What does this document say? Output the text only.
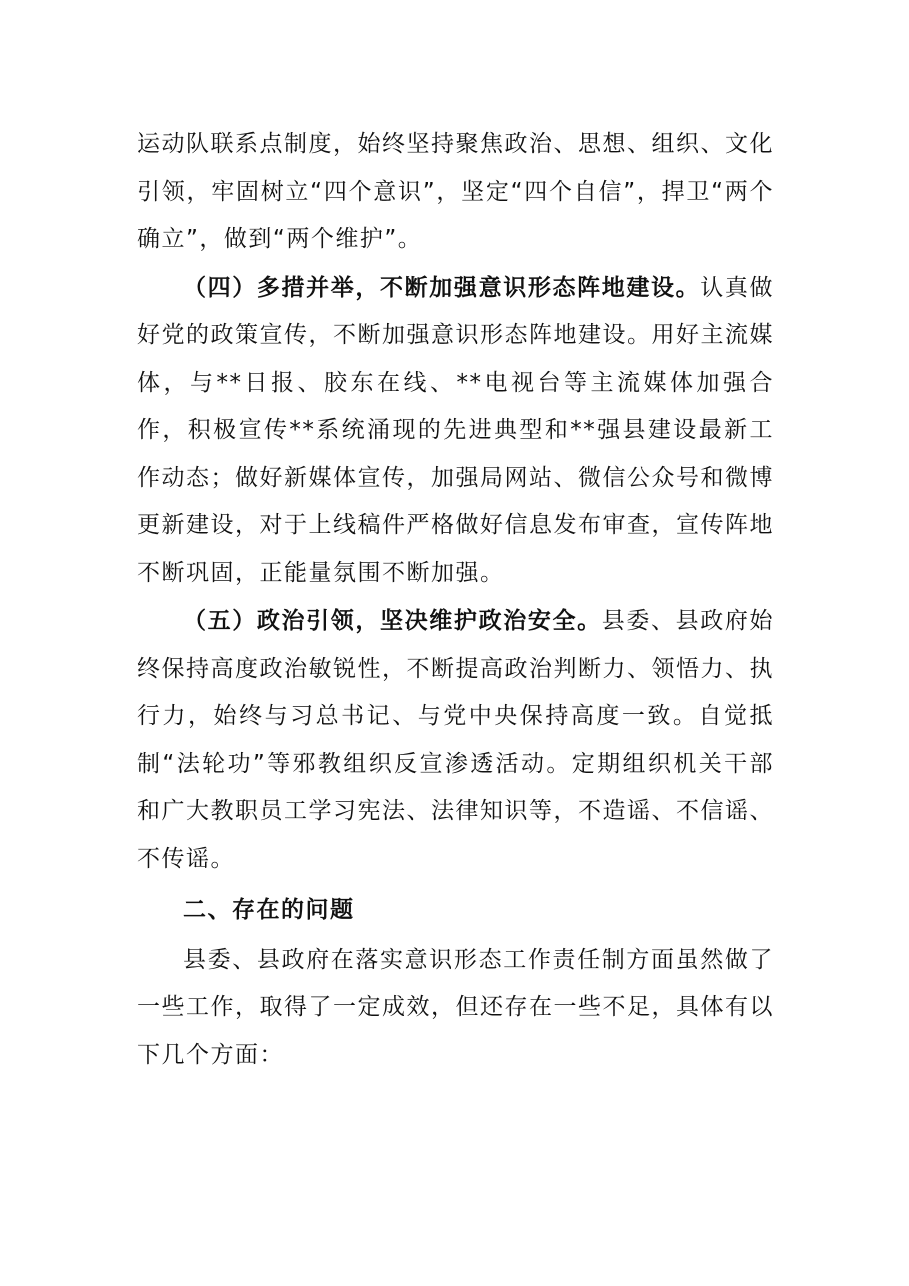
运动队联系点制度，始终坚持聚焦政治、思想、组织、文化引领，牢固树立“四个意识”，坚定“四个自信”，捍卫“两个确立”，做到“两个维护”。

（四）多措并举，不断加强意识形态阵地建设。认真做好党的政策宣传，不断加强意识形态阵地建设。用好主流媒体，与**日报、胶东在线、**电视台等主流媒体加强合作，积极宣传**系统涌现的先进典型和**强县建设最新工作动态；做好新媒体宣传，加强局网站、微信公众号和微博更新建设，对于上线稿件严格做好信息发布审查，宣传阵地不断巩固，正能量氛围不断加强。

（五）政治引领，坚决维护政治安全。县委、县政府始终保持高度政治敏锐性，不断提高政治判断力、领悟力、执行力，始终与习总书记、与党中央保持高度一致。自觉抵制“法轮功”等邪教组织反宣渗透活动。定期组织机关干部和广大教职员工学习宪法、法律知识等，不造谣、不信谣、不传谣。

二、存在的问题

县委、县政府在落实意识形态工作责任制方面虽然做了一些工作，取得了一定成效，但还存在一些不足，具体有以下几个方面：
